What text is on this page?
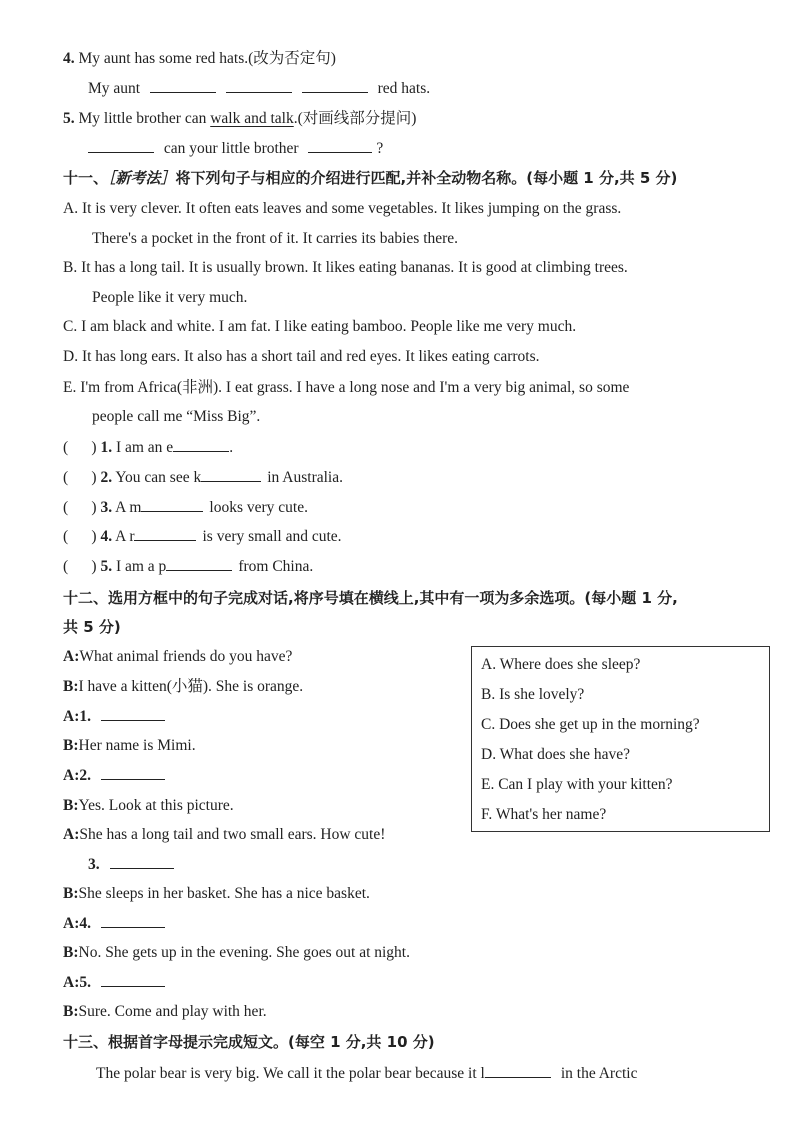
4. My aunt has some red hats.(改为否定句)
My aunt	red hats.
5. My little brother can walk and talk.(对画线部分提问)
can your little brother	?
十一、［新考法］将下列句子与相应的介绍进行匹配,并补全动物名称。(每小题 1 分,共 5 分)
A. It is very clever. It often eats leaves and some vegetables. It likes jumping on the grass.
There's a pocket in the front of it. It carries its babies there.
B. It has a long tail. It is usually brown. It likes eating bananas. It is good at climbing trees.
People like it very much.
C. I am black and white. I am fat. I like eating bamboo. People like me very much.
D. It has long ears. It also has a short tail and red eyes. It likes eating carrots.
E. I'm from Africa(非洲). I eat grass. I have a long nose and I'm a very big animal, so some
people call me “Miss Big”.
(      ) 1. I am an e	.
(      ) 2. You can see k	in Australia.
(      ) 3. A m	looks very cute.
(      ) 4. A r	is very small and cute.
(      ) 5. I am a p	from China.
十二、选用方框中的句子完成对话,将序号填在横线上,其中有一项为多余选项。(每小题 1 分,
共 5 分)
A:What animal friends do you have?
B:I have a kitten(小猫). She is orange.
A:1.
B:Her name is Mimi.
A:2.
B:Yes. Look at this picture.
A:She has a long tail and two small ears. How cute!
3.
B:She sleeps in her basket. She has a nice basket.
A:4.
B:No. She gets up in the evening. She goes out at night.
A:5.
B:Sure. Come and play with her.
A. Where does she sleep?
B. Is she lovely?
C. Does she get up in the morning?
D. What does she have?
E. Can I play with your kitten?
F. What's her name?
十三、根据首字母提示完成短文。(每空 1 分,共 10 分)
The polar bear is very big. We call it the polar bear because it l	in the Arctic
